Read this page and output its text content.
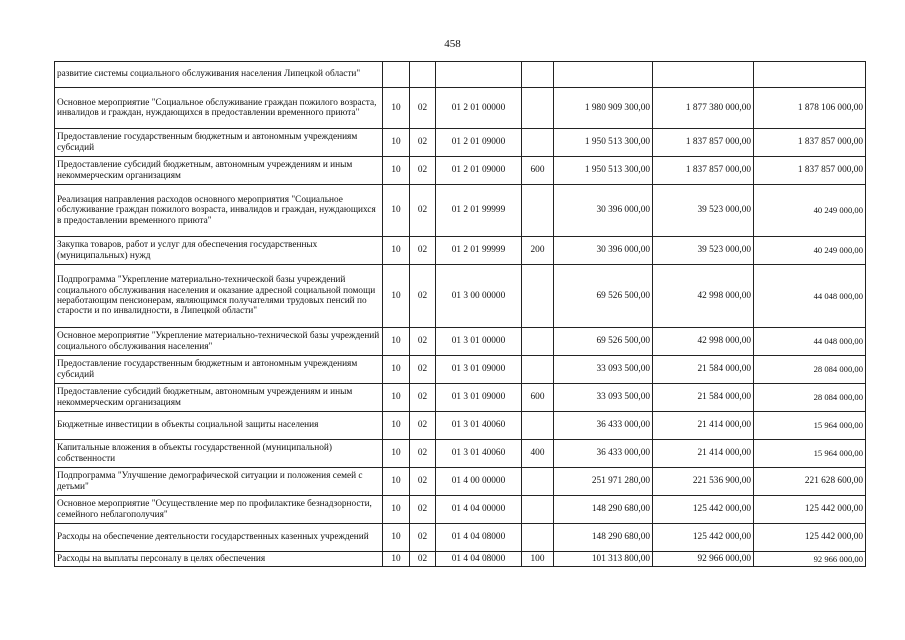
458
развитие системы социального обслуживания населения Липецкой области"							
Основное мероприятие "Социальное обслуживание граждан пожилого возраста, инвалидов и граждан, нуждающихся в предоставлении временного приюта"	10	02	01 2 01 00000		1 980 909 300,00	1 877 380 000,00	1 878 106 000,00
Предоставление государственным бюджетным и автономным учреждениям субсидий	10	02	01 2 01 09000		1 950 513 300,00	1 837 857 000,00	1 837 857 000,00
Предоставление субсидий бюджетным, автономным учреждениям и иным некоммерческим организациям	10	02	01 2 01 09000	600	1 950 513 300,00	1 837 857 000,00	1 837 857 000,00
Реализация направления расходов основного мероприятия "Социальное обслуживание граждан пожилого возраста, инвалидов и граждан, нуждающихся в предоставлении временного приюта"	10	02	01 2 01 99999		30 396 000,00	39 523 000,00	40 249 000,00
Закупка товаров, работ и услуг для обеспечения государственных (муниципальных) нужд	10	02	01 2 01 99999	200	30 396 000,00	39 523 000,00	40 249 000,00
Подпрограмма "Укрепление материально-технической базы учреждений социального обслуживания населения и оказание адресной социальной помощи неработающим пенсионерам, являющимся получателями трудовых пенсий по старости и по инвалидности, в Липецкой области"	10	02	01 3 00 00000		69 526 500,00	42 998 000,00	44 048 000,00
Основное мероприятие "Укрепление материально-технической базы учреждений социального обслуживания населения"	10	02	01 3 01 00000		69 526 500,00	42 998 000,00	44 048 000,00
Предоставление государственным бюджетным и автономным учреждениям субсидий	10	02	01 3 01 09000		33 093 500,00	21 584 000,00	28 084 000,00
Предоставление субсидий бюджетным, автономным учреждениям и иным некоммерческим организациям	10	02	01 3 01 09000	600	33 093 500,00	21 584 000,00	28 084 000,00
Бюджетные инвестиции в объекты социальной защиты населения	10	02	01 3 01 40060		36 433 000,00	21 414 000,00	15 964 000,00
Капитальные вложения в объекты государственной (муниципальной) собственности	10	02	01 3 01 40060	400	36 433 000,00	21 414 000,00	15 964 000,00
Подпрограмма "Улучшение демографической ситуации и положения семей с детьми"	10	02	01 4 00 00000		251 971 280,00	221 536 900,00	221 628 600,00
Основное мероприятие "Осуществление мер по профилактике безнадзорности, семейного неблагополучия"	10	02	01 4 04 00000		148 290 680,00	125 442 000,00	125 442 000,00
Расходы на обеспечение деятельности государственных казенных учреждений	10	02	01 4 04 08000		148 290 680,00	125 442 000,00	125 442 000,00
Расходы на выплаты персоналу в целях обеспечения	10	02	01 4 04 08000	100	101 313 800,00	92 966 000,00	92 966 000,00
